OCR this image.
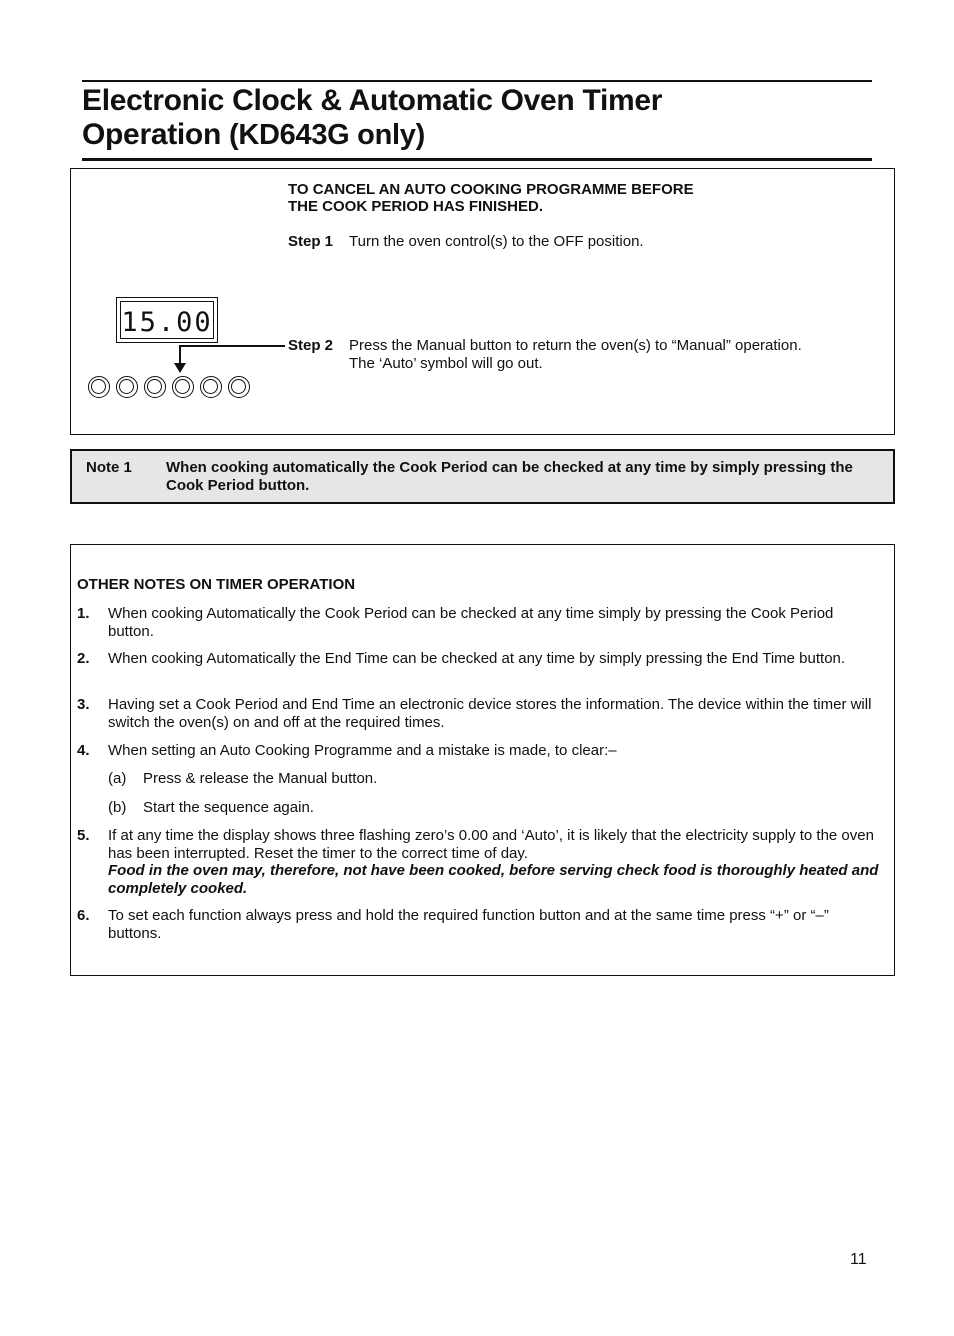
Electronic Clock & Automatic Oven Timer
Operation (KD643G only)
TO CANCEL AN AUTO COOKING PROGRAMME BEFORE
THE COOK PERIOD HAS FINISHED.
Step 1 Turn the oven control(s) to the OFF position.
15.00
Step 2 Press the Manual button to return the oven(s) to “Manual” operation.
The ‘Auto’ symbol will go out.
Note 1 When cooking automatically the Cook Period can be checked at any time by simply pressing the Cook Period button.
OTHER NOTES ON TIMER OPERATION
1. When cooking Automatically the Cook Period can be checked at any time simply by pressing the Cook Period button.
2. When cooking Automatically the End Time can be checked at any time by simply pressing the End Time button.
3. Having set a Cook Period and End Time an electronic device stores the information. The device within the timer will switch the oven(s) on and off at the required times.
4. When setting an Auto Cooking Programme and a mistake is made, to clear:–
(a) Press & release the Manual button.
(b) Start the sequence again.
5. If at any time the display shows three flashing zero’s 0.00 and ‘Auto’, it is likely that the electricity supply to the oven has been interrupted. Reset the timer to the correct time of day.
Food in the oven may, therefore, not have been cooked, before serving check food is thoroughly heated and completely cooked.
6. To set each function always press and hold the required function button and at the same time press “+” or “–” buttons.
11
